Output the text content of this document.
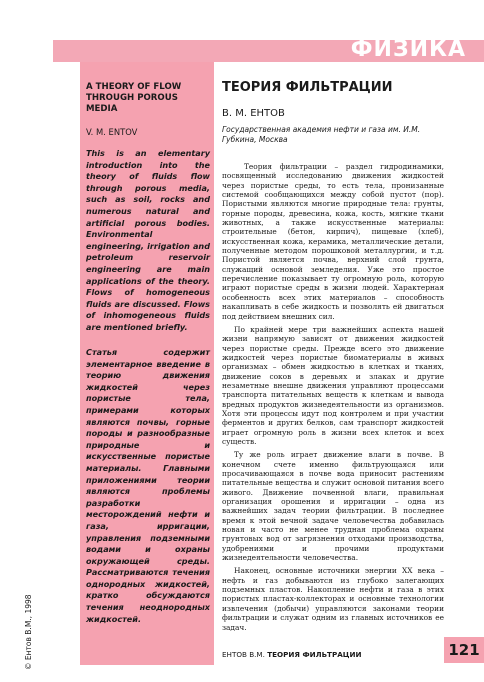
ФИЗИКА
A THEORY OF FLOW THROUGH POROUS MEDIA
V. M. ENTOV
This is an elementary introduction into the theory of fluids flow through porous media, such as soil, rocks and numerous natural and artificial porous bodies. Environmental engineering, irrigation and petroleum reservoir engineering are main applications of the theory. Flows of homogeneous fluids are discussed. Flows of inhomogeneous fluids are mentioned briefly.
Статья содержит элементарное введение в теорию движения жидкостей через пористые тела, примерами которых являются почвы, горные породы и разнообразные природные и искусственные пористые материалы. Главными приложениями теории являются проблемы разработки месторождений нефти и газа, ирригации, управления подземными водами и охраны окружающей среды. Рассматриваются течения однородных жидкостей, кратко обсуждаются течения неоднородных жидкостей.
© Ентов В.М., 1998
ТЕОРИЯ ФИЛЬТРАЦИИ
В. М. ЕНТОВ
Государственная академия нефти и газа им. И.М. Губкина, Москва

Теория фильтрации – раздел гидродинамики, посвященный исследованию движения жидкостей через пористые среды, то есть тела, пронизанные системой сообщающихся между собой пустот (пор). Пористыми являются многие природные тела: грунты, горные породы, древесина, кожа, кость, мягкие ткани животных, а также искусственные материалы: строительные (бетон, кирпич), пищевые (хлеб), искусственная кожа, керамика, металлические детали, полученные методом порошковой металлургии, и т.д. Пористой является почва, верхний слой грунта, служащий основой земледелия. Уже это простое перечисление показывает ту огромную роль, которую играют пористые среды в жизни людей. Характерная особенность всех этих материалов – способность накапливать в себе жидкость и позволять ей двигаться под действием внешних сил.

По крайней мере три важнейших аспекта нашей жизни напрямую зависят от движения жидкостей через пористые среды. Прежде всего это движение жидкостей через пористые биоматериалы в живых организмах – обмен жидкостью в клетках и тканях, движение соков в деревьях и злаках и другие незаметные внешне движения управляют процессами транспорта питательных веществ к клеткам и вывода вредных продуктов жизнедеятельности из организмов. Хотя эти процессы идут под контролем и при участии ферментов и других белков, сам транспорт жидкостей играет огромную роль в жизни всех клеток и всех существ.

Ту же роль играет движение влаги в почве. В конечном счете именно фильтрующаяся или просачивающаяся в почве вода приносит растениям питательные вещества и служит основой питания всего живого. Движение почвенной влаги, правильная организация орошения и ирригации – одна из важнейших задач теории фильтрации. В последнее время к этой вечной задаче человечества добавилась новая и часто не менее трудная проблема охраны грунтовых вод от загрязнения отходами производства, удобрениями и прочими продуктами жизнедеятельности человечества.

Наконец, основные источники энергии XX века – нефть и газ добываются из глубоко залегающих подземных пластов. Накопление нефти и газа в этих пористых пластах-коллекторах и основные технологии извлечения (добычи) управляются законами теории фильтрации и служат одним из главных источников ее задач.

ЕНТОВ В.М. ТЕОРИЯ ФИЛЬТРАЦИИ	121
